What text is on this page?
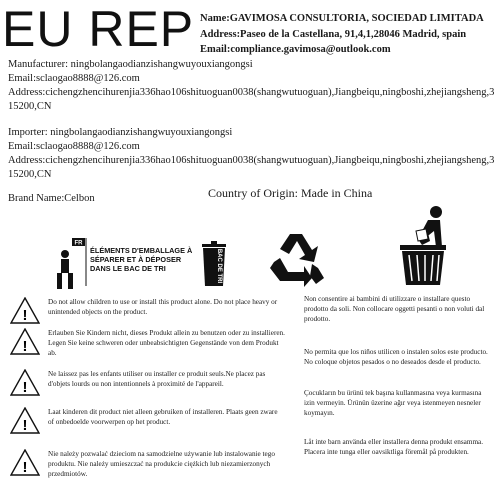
EU REP Name:GAVIMOSA CONSULTORIA, SOCIEDAD LIMITADA
Address:Paseo de la Castellana, 91,4,1,28046 Madrid, spain
Email:compliance.gavimosa@outlook.com
Manufacturer: ningbolangaodianzishangwuyouxiangongsi
Email:sclaogao8888@126.com
Address:cichengzhencihurenjia336hao106shituoguan0038(shangwutuoguan),Jiangbeiqu,ningboshi,zhejiangsheng,315200,CN
Importer: ningbolangaodianzishangwuyouxiangongsi
Email:sclaogao8888@126.com
Address:cichengzhencihurenjia336hao106shituoguan0038(shangwutuoguan),Jiangbeiqu,ningboshi,zhejiangsheng,315200,CN
Brand Name:Celbon	Country of Origin: Made in China
FR
ÉLÉMENTS D'EMBALLAGE À SÉPARER ET À DÉPOSER DANS LE BAC DE TRI	BAC DE TRI
!
Do not allow children to use or install this product alone. Do not place heavy or unintended objects on the product.
!
Erlauben Sie Kindern nicht, dieses Produkt allein zu benutzen oder zu installieren. Legen Sie keine schweren oder unbeabsichtigten Gegenstände von dem Produkt ab.
!
Ne laissez pas les enfants utiliser ou installer ce produit seuls.Ne placez pas d'objets lourds ou non intentionnels à proximité de l'appareil.
!
Laat kinderen dit product niet alleen gebruiken of installeren. Plaats geen zware of onbedoelde voorwerpen op het product.
!
Nie należy pozwalać dzieciom na samodzielne używanie lub instalowanie tego produktu. Nie należy umieszczać na produkcie ciężkich lub niezamierzonych przedmiotów.
Non consentire ai bambini di utilizzare o installare questo prodotto da soli. Non collocare oggetti pesanti o non voluti dal prodotto.
No permita que los niños utilicen o instalen solos este producto. No coloque objetos pesados o no deseados desde el producto.
Çocukların bu ürünü tek başına kullanmasına veya kurmasına izin vermeyin. Ürünün üzerine ağır veya istenmeyen nesneler koymayın.
Låt inte barn använda eller installera denna produkt ensamma. Placera inte tunga eller oavsiktliga föremål på produkten.
